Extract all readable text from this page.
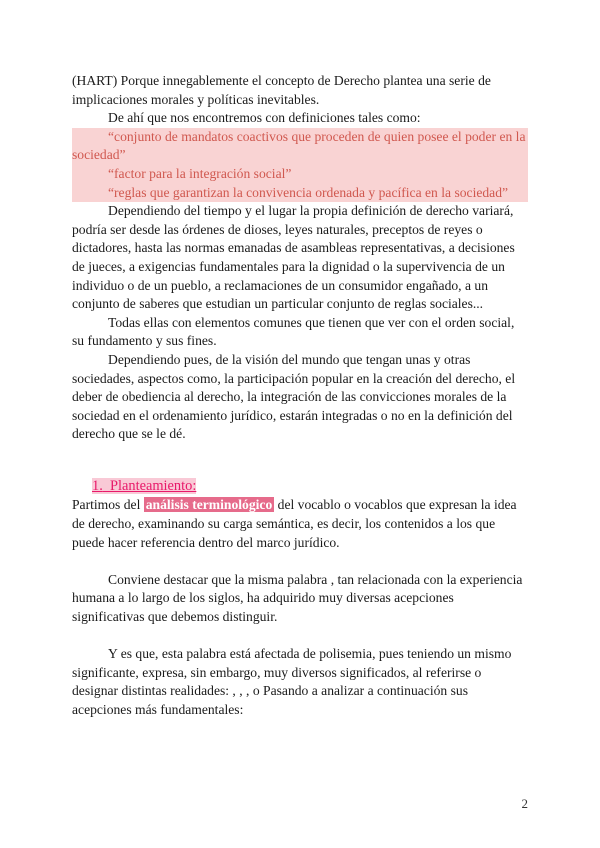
(HART) Porque innegablemente el concepto de Derecho plantea una serie de implicaciones morales y políticas inevitables.

De ahí que nos encontremos con definiciones tales como:

“conjunto de mandatos coactivos que proceden de quien posee el poder en la sociedad”

“factor para la integración social”

“reglas que garantizan la convivencia ordenada y pacífica en la sociedad”

Dependiendo del tiempo y el lugar la propia definición de derecho variará, podría ser desde las órdenes de dioses, leyes naturales, preceptos de reyes o dictadores, hasta las normas emanadas de asambleas representativas, a decisiones de jueces, a exigencias fundamentales para la dignidad o la supervivencia de un individuo o de un pueblo, a reclamaciones de un consumidor engañado, a un conjunto de saberes que estudian un particular conjunto de reglas sociales...

Todas ellas con elementos comunes que tienen que ver con el orden social, su fundamento y sus fines.

Dependiendo pues, de la visión del mundo que tengan unas y otras sociedades, aspectos como, la participación popular en la creación del derecho, el deber de obediencia al derecho, la integración de las convicciones morales de la sociedad en el ordenamiento jurídico, estarán integradas o no en la definición del derecho que se le dé.

1. Planteamiento:

Partimos del análisis terminológico del vocablo o vocablos que expresan la idea de derecho, examinando su carga semántica, es decir, los contenidos a los que puede hacer referencia dentro del marco jurídico.

Conviene destacar que la misma palabra , tan relacionada con la experiencia humana a lo largo de los siglos, ha adquirido muy diversas acepciones significativas que debemos distinguir.

Y es que, esta palabra está afectada de polisemia, pues teniendo un mismo significante, expresa, sin embargo, muy diversos significados, al referirse o designar distintas realidades: , , , o Pasando a analizar a continuación sus acepciones más fundamentales:

2
